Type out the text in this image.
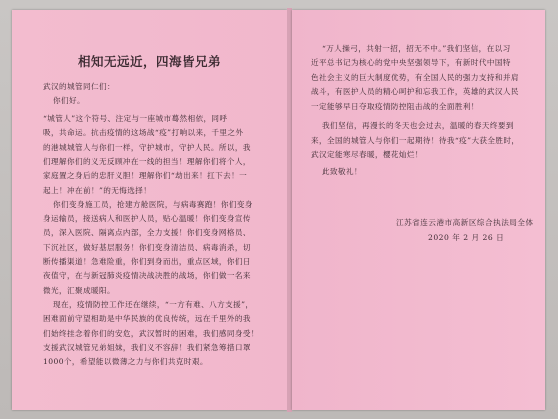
相知无远近，四海皆兄弟
武汉的城管同仁们：
你们好。
“城管人”这个符号、注定与一座城市蓦然相依，同呼
吸，共命运。抗击疫情的这场战“疫”打响以来，千里之外
的港城城管人与你们一样，守护城市，守护人民。所以，我
们理解你们的义无反顾冲在一线的担当！理解你们将个人，
家庭置之身后的忠肝义胆！理解你们“劫出来！扛下去！一
起上！冲在前！”的无悔选择！
你们变身施工员，抢建方舱医院，与病毒赛跑！你们变身
身运输员，接送病人和医护人员，贴心温暖！你们变身宣传
员，深入医院、隔离点内部，全力支援！你们变身网格员、
下沉社区，做好基层服务！你们变身清洁员、病毒消杀，切
断传播渠道！急难险重，你们到身而出，重点区域，你们日
夜值守，在与新冠肺炎疫情决战决胜的战场，你们做一名来
微光，汇聚成暖阳。
现在，疫情防控工作还在继续，“一方有难、八方支援”，
困难面前守望相助是中华民族的优良传统，远在千里外的我
们始终挂念着你们的安危，武汉暂时的困难，我们感同身受！
支援武汉城管兄弟姐妹，我们义不容辞！我们紧急筹措口罩
1000个，希望能以微薄之力与你们共克时艰。
“万人操弓，共射一招，招无不中。”我们坚信，在以习
近平总书记为核心的党中央坚强领导下，有新时代中国特
色社会主义的巨大制度优势，有全国人民的强力支持和并肩
战斗，有医护人员的精心呵护和忘我工作，英雄的武汉人民
一定能够早日夺取疫情防控阻击战的全面胜利！
我们坚信，再漫长的冬天也会过去，温暖的春天终要到
来，全国的城管人与你们一起期待！待我“疫”大获全胜时，
武汉定能寒尽春暖，樱花灿烂！
此致敬礼！
江苏省连云港市高新区综合执法局全体
2020 年 2 月 26 日
